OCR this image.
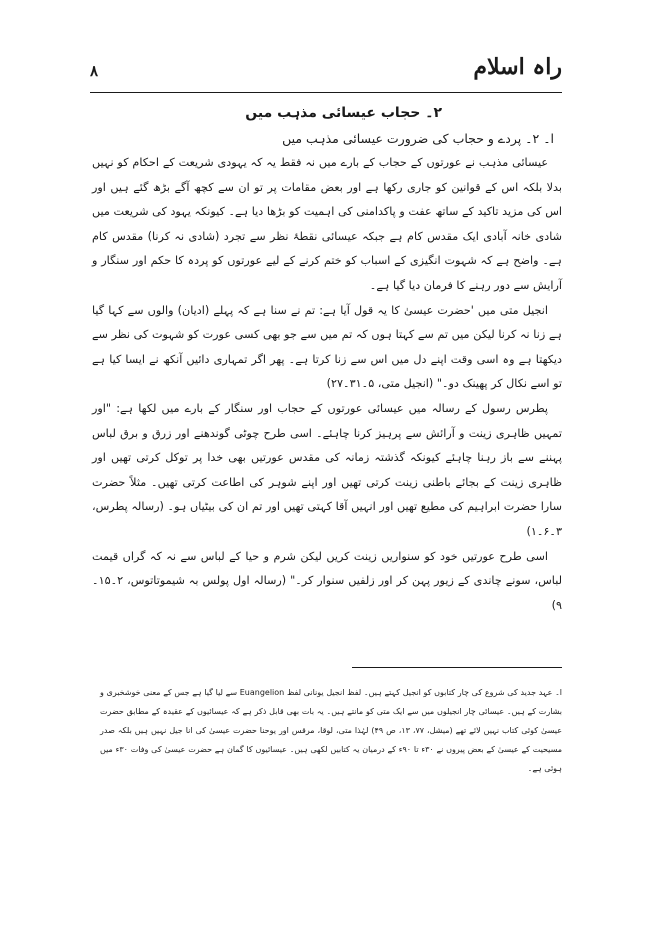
راہ اسلام
۸

۲۔ حجاب عیسائی مذہب میں

ا۔ ۲۔ پردے و حجاب کی ضرورت عیسائی مذہب میں

عیسائی مذہب نے عورتوں کے حجاب کے بارے میں نہ فقط یہ کہ یہودی شریعت کے احکام کو نہیں بدلا بلکہ اس کے قوانین کو جاری رکھا ہے اور بعض مقامات پر تو ان سے کچھ آگے بڑھ گئے ہیں اور اس کی مزید تاکید کے ساتھ عفت و پاکدامنی کی اہمیت کو بڑھا دیا ہے۔ کیونکہ یہود کی شریعت میں شادی خانہ آبادی ایک مقدس کام ہے جبکہ عیسائی نقطۂ نظر سے تجرد (شادی نہ کرنا) مقدس کام ہے۔ واضح ہے کہ شہوت انگیزی کے اسباب کو ختم کرنے کے لیے عورتوں کو پردہ کا حکم اور سنگار و آرایش سے دور رہنے کا فرمان دیا گیا ہے۔

انجیل متی میں 'حضرت عیسیٰ کا یہ قول آیا ہے: تم نے سنا ہے کہ پہلے (ادیان) والوں سے کہا گیا ہے زنا نہ کرنا لیکن میں تم سے کہتا ہوں کہ تم میں سے جو بھی کسی عورت کو شہوت کی نظر سے دیکھتا ہے وہ اسی وقت اپنے دل میں اس سے زنا کرتا ہے۔ پھر اگر تمہاری دائیں آنکھ نے ایسا کیا ہے تو اسے نکال کر پھینک دو۔" (انجیل متی، ۵۔۳۱۔۲۷)

پطرس رسول کے رسالہ میں عیسائی عورتوں کے حجاب اور سنگار کے بارے میں لکھا ہے: "اور تمہیں ظاہری زینت و آرائش سے پرہیز کرنا چاہئے۔ اسی طرح چوٹی گوندھنے اور زرق و برق لباس پہننے سے باز رہنا چاہئے کیونکہ گذشتہ زمانہ کی مقدس عورتیں بھی خدا پر توکل کرتی تھیں اور ظاہری زینت کے بجائے باطنی زینت کرتی تھیں اور اپنے شوہر کی اطاعت کرتی تھیں۔ مثلاً حضرت سارا حضرت ابراہیم کی مطیع تھیں اور انہیں آقا کہتی تھیں اور تم ان کی بیٹیاں ہو۔ (رسالہ پطرس، ۳۔۶۔۱)

اسی طرح عورتیں خود کو سنواریں زینت کریں لیکن شرم و حیا کے لباس سے نہ کہ گراں قیمت لباس، سونے چاندی کے زیور پہن کر اور زلفیں سنوار کر۔" (رسالہ اول پولس بہ شیموتاتوس، ۲۔۱۵۔۹)

ا۔ عہد جدید کی شروع کی چار کتابوں کو انجیل کہتے ہیں۔ لفظ انجیل یونانی لفظ Euangelion سے لیا گیا ہے جس کے معنی خوشخبری و بشارت کے ہیں۔ عیسائی چار انجیلوں میں سے ایک متی کو مانتے ہیں۔ یہ بات بھی قابل ذکر ہے کہ عیسائیوں کے عقیدہ کے مطابق حضرت عیسیٰ کوئی کتاب نہیں لائے تھے (میشل، ۷۷، ۱۳، ص ۴۹) لہٰذا متی، لوقا، مرقس اور یوحنا حضرت عیسیٰ کی انا جیل نہیں ہیں بلکہ صدر مسیحیت کے عیسیٰ کے بعض پیروں نے ۳۰ء تا ۹۰ء کے درمیان یہ کتابیں لکھی ہیں۔ عیسائیوں کا گمان ہے حضرت عیسیٰ کی وفات ۳۰ء میں ہوئی ہے۔
